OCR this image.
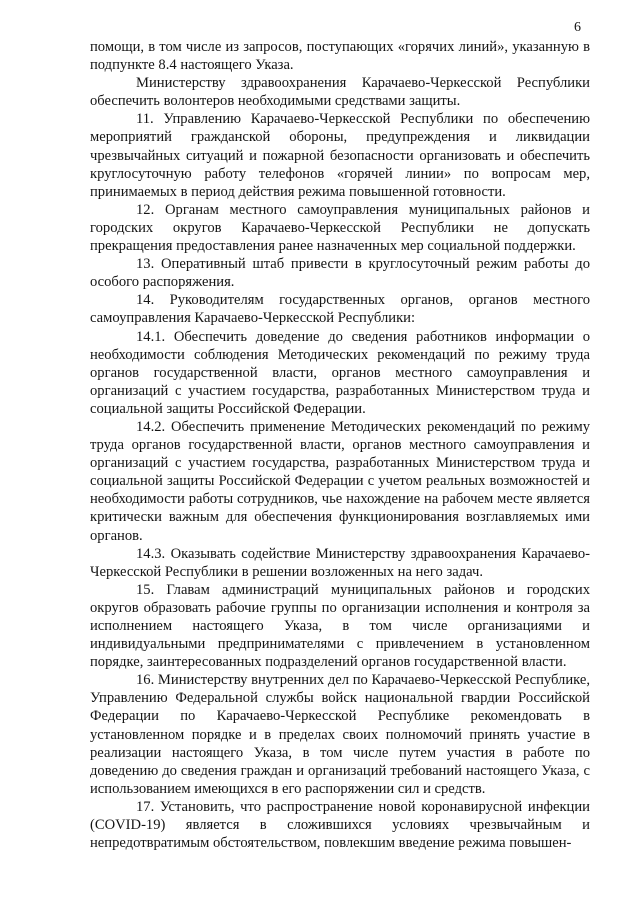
6

помощи, в том числе из запросов, поступающих «горячих линий», указанную в подпункте 8.4 настоящего Указа.

Министерству здравоохранения Карачаево-Черкесской Республики обеспечить волонтеров необходимыми средствами защиты.

11. Управлению Карачаево-Черкесской Республики по обеспечению мероприятий гражданской обороны, предупреждения и ликвидации чрезвычайных ситуаций и пожарной безопасности организовать и обеспечить круглосуточную работу телефонов «горячей линии» по вопросам мер, принимаемых в период действия режима повышенной готовности.

12. Органам местного самоуправления муниципальных районов и городских округов Карачаево-Черкесской Республики не допускать прекращения предоставления ранее назначенных мер социальной поддержки.

13. Оперативный штаб привести в круглосуточный режим работы до особого распоряжения.

14. Руководителям государственных органов, органов местного самоуправления Карачаево-Черкесской Республики:

14.1. Обеспечить доведение до сведения работников информации о необходимости соблюдения Методических рекомендаций по режиму труда органов государственной власти, органов местного самоуправления и организаций с участием государства, разработанных Министерством труда и социальной защиты Российской Федерации.

14.2. Обеспечить применение Методических рекомендаций по режиму труда органов государственной власти, органов местного самоуправления и организаций с участием государства, разработанных Министерством труда и социальной защиты Российской Федерации с учетом реальных возможностей и необходимости работы сотрудников, чье нахождение на рабочем месте является критически важным для обеспечения функционирования возглавляемых ими органов.

14.3. Оказывать содействие Министерству здравоохранения Карачаево-Черкесской Республики в решении возложенных на него задач.

15. Главам администраций муниципальных районов и городских округов образовать рабочие группы по организации исполнения и контроля за исполнением настоящего Указа, в том числе организациями и индивидуальными предпринимателями с привлечением в установленном порядке, заинтересованных подразделений органов государственной власти.

16. Министерству внутренних дел по Карачаево-Черкесской Республике, Управлению Федеральной службы войск национальной гвардии Российской Федерации по Карачаево-Черкесской Республике рекомендовать в установленном порядке и в пределах своих полномочий принять участие в реализации настоящего Указа, в том числе путем участия в работе по доведению до сведения граждан и организаций требований настоящего Указа, с использованием имеющихся в его распоряжении сил и средств.

17. Установить, что распространение новой коронавирусной инфекции (COVID-19) является в сложившихся условиях чрезвычайным и непредотвратимым обстоятельством, повлекшим введение режима повышен-
